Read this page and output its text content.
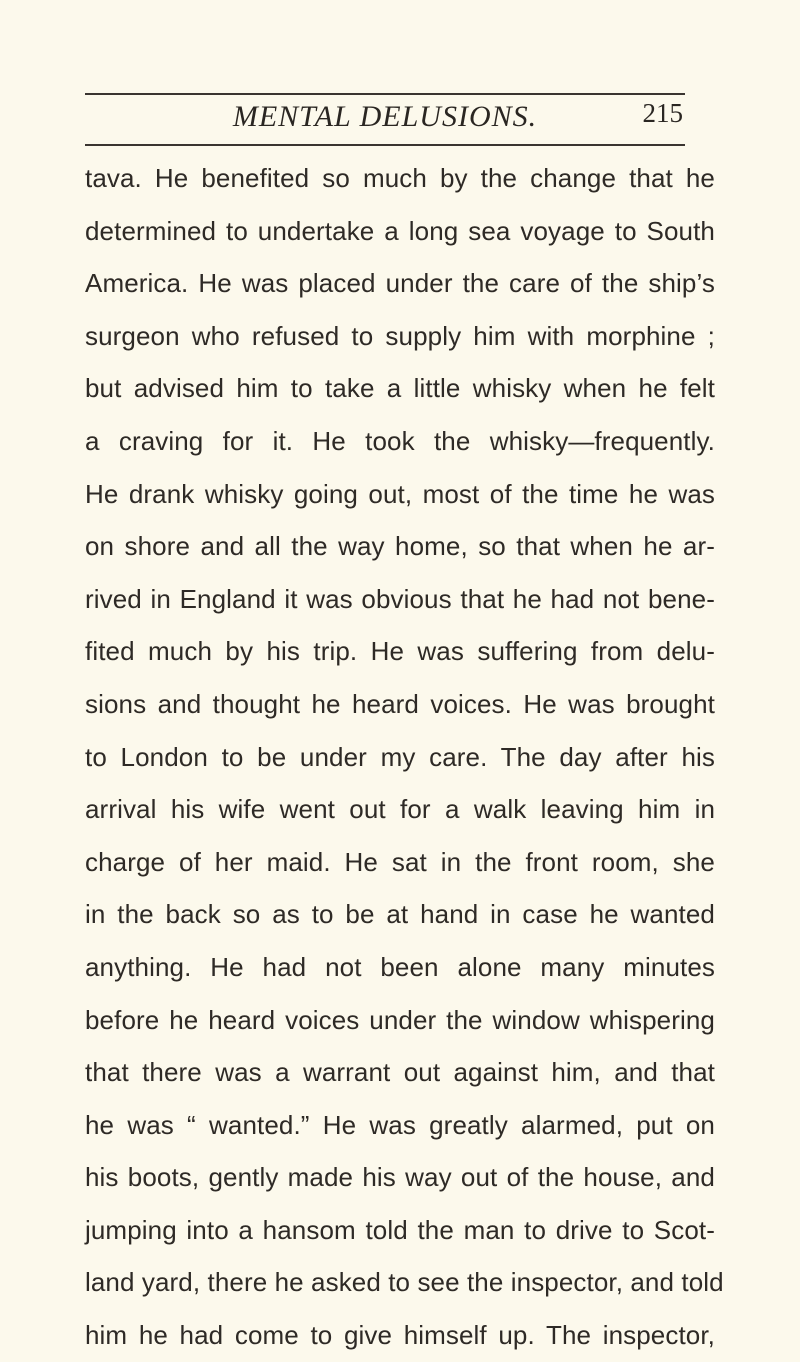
MENTAL DELUSIONS.	215
tava. He benefited so much by the change that he
determined to undertake a long sea voyage to South
America. He was placed under the care of the ship’s
surgeon who refused to supply him with morphine ;
but advised him to take a little whisky when he felt
a craving for it. He took the whisky—frequently.
He drank whisky going out, most of the time he was
on shore and all the way home, so that when he ar-
rived in England it was obvious that he had not bene-
fited much by his trip. He was suffering from delu-
sions and thought he heard voices. He was brought
to London to be under my care. The day after his
arrival his wife went out for a walk leaving him in
charge of her maid. He sat in the front room, she
in the back so as to be at hand in case he wanted
anything. He had not been alone many minutes
before he heard voices under the window whispering
that there was a warrant out against him, and that
he was “ wanted.” He was greatly alarmed, put on
his boots, gently made his way out of the house, and
jumping into a hansom told the man to drive to Scot-
land yard, there he asked to see the inspector, and told
him he had come to give himself up. The inspector,
